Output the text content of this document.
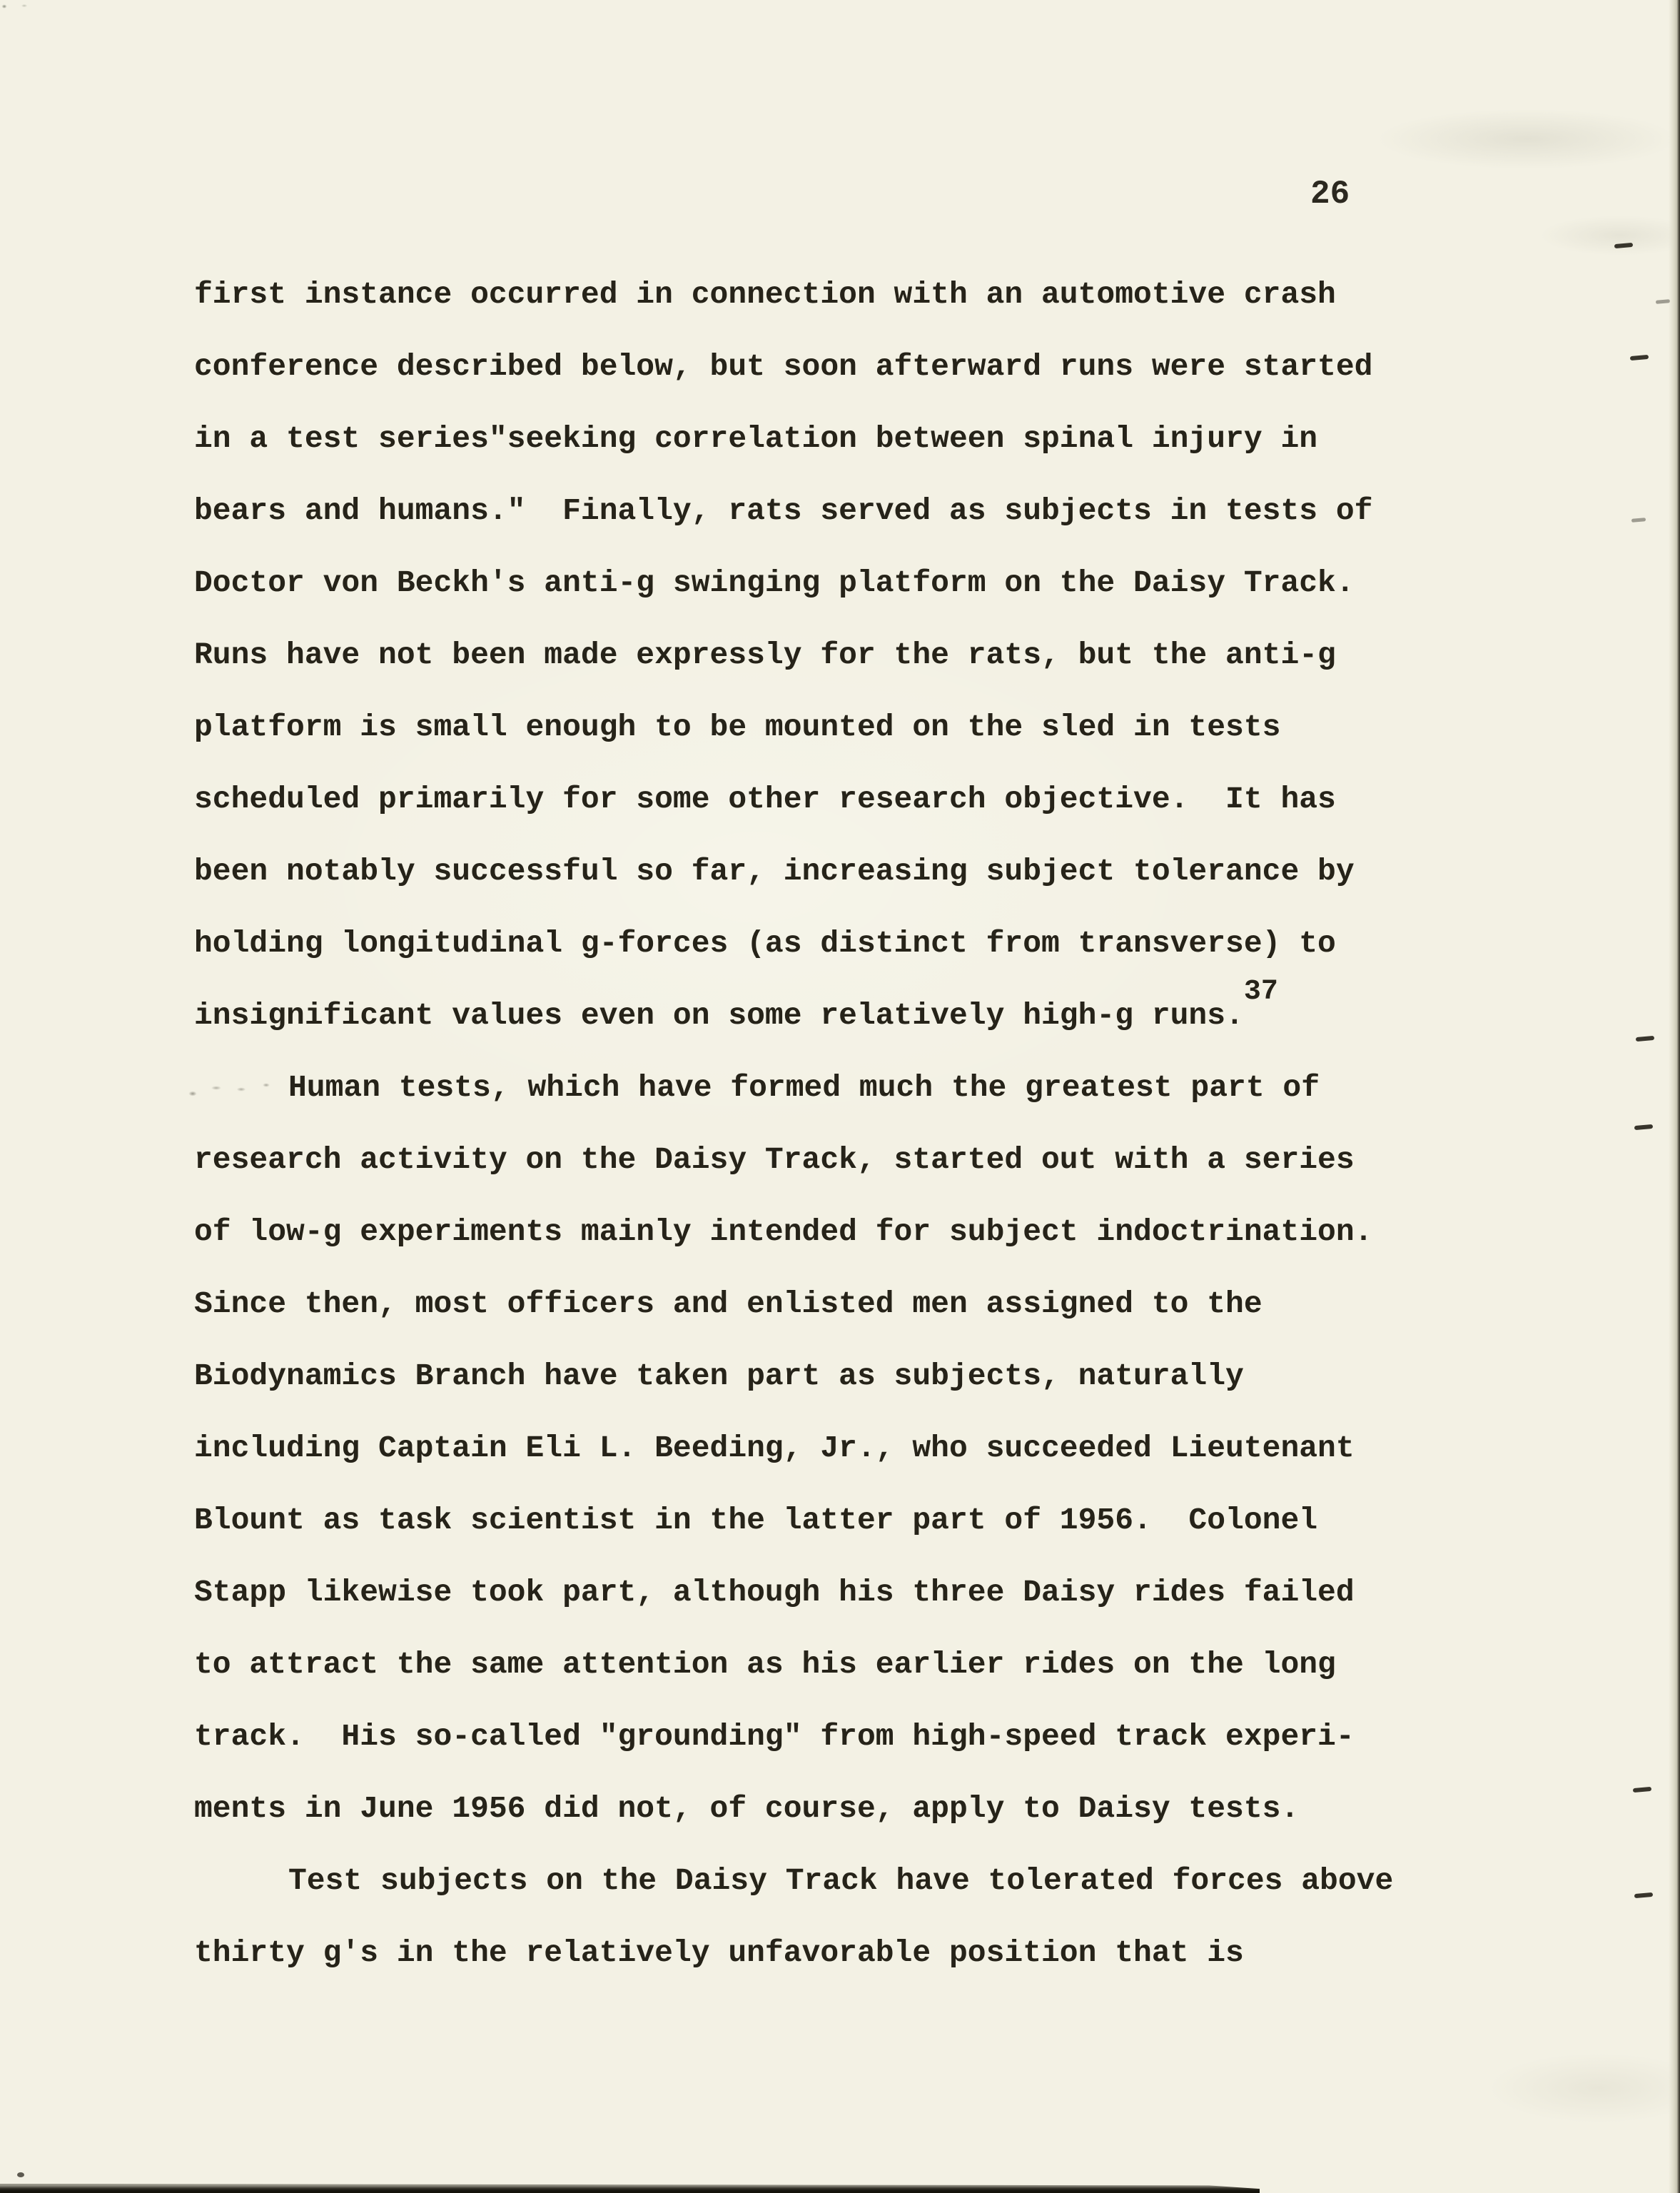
26
first instance occurred in connection with an automotive crash
conference described below, but soon afterward runs were started
in a test series"seeking correlation between spinal injury in
bears and humans."  Finally, rats served as subjects in tests of
Doctor von Beckh's anti-g swinging platform on the Daisy Track.
Runs have not been made expressly for the rats, but the anti-g
platform is small enough to be mounted on the sled in tests
scheduled primarily for some other research objective.  It has
been notably successful so far, increasing subject tolerance by
holding longitudinal g-forces (as distinct from transverse) to
insignificant values even on some relatively high-g runs.$^{37}$
Human tests, which have formed much the greatest part of
research activity on the Daisy Track, started out with a series
of low-g experiments mainly intended for subject indoctrination.
Since then, most officers and enlisted men assigned to the
Biodynamics Branch have taken part as subjects, naturally
including Captain Eli L. Beeding, Jr., who succeeded Lieutenant
Blount as task scientist in the latter part of 1956.  Colonel
Stapp likewise took part, although his three Daisy rides failed
to attract the same attention as his earlier rides on the long
track.  His so-called "grounding" from high-speed track experi-
ments in June 1956 did not, of course, apply to Daisy tests.
Test subjects on the Daisy Track have tolerated forces above
thirty g's in the relatively unfavorable position that is
